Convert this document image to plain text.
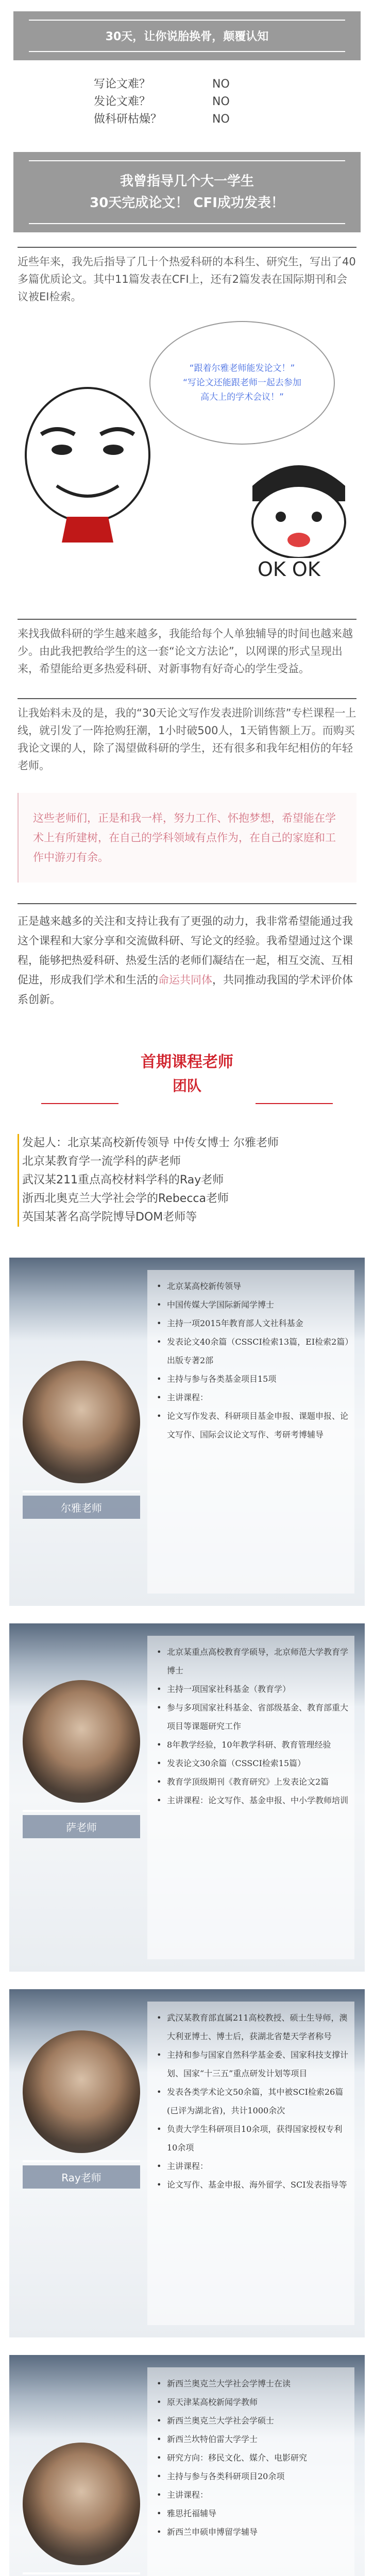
30天，让你说胎换骨，颠覆认知
写论文难？	NO
发论文难？	NO
做科研枯燥？	NO
我曾指导几个大一学生
30天完成论文！ CFI成功发表！

近些年来，我先后指导了几十个热爱科研的本科生、研究生，写出了40多篇优质论文。其中11篇发表在CFI上，还有2篇发表在国际期刊和会议被EI检索。

“跟着尔雅老师能发论文！”
“写论文还能跟老师一起去参加
高大上的学术会议！”
OK OK

来找我做科研的学生越来越多，我能给每个人单独辅导的时间也越来越少。由此我把教给学生的这一套“论文方法论”，以网课的形式呈现出来，希望能给更多热爱科研、对新事物有好奇心的学生受益。

让我始料未及的是，我的“30天论文写作发表进阶训练营”专栏课程一上线，就引发了一阵抢购狂潮，1小时破500人，1天销售额上万。而购买我论文课的人，除了渴望做科研的学生，还有很多和我年纪相仿的年轻老师。

这些老师们，正是和我一样，努力工作、怀抱梦想，希望能在学术上有所建树，在自己的学科领域有点作为，在自己的家庭和工作中游刃有余。
正是越来越多的关注和支持让我有了更强的动力，我非常希望能通过我这个课程和大家分享和交流做科研、写论文的经验。我希望通过这个课程，能够把热爱科研、热爱生活的老师们凝结在一起，相互交流、互相促进，形成我们学术和生活的命运共同体，共同推动我国的学术评价体系创新。
首期课程老师
团队
发起人：北京某高校新传领导 中传女博士 尔雅老师
北京某教育学一流学科的萨老师
武汉某211重点高校材料学科的Ray老师
浙西北奥克兰大学社会学的Rebecca老师
英国某著名高学院博导DOM老师等
尔雅老师
• 北京某高校新传领导
• 中国传媒大学国际新闻学博士
• 主持一项2015年教育部人文社科基金
• 发表论文40余篇（CSSCI检索13篇，EI检索2篇）出版专著2部
• 主持与参与各类基金项目15项
• 主讲课程：
• 论文写作发表、科研项目基金申报、课题申报、论文写作、国际会议论文写作、考研考博辅导
萨老师
• 北京某重点高校教育学硕导，北京师范大学教育学博士
• 主持一项国家社科基金（教育学）
• 参与多项国家社科基金、省部级基金、教育部重大项目等课题研究工作
• 8年教学经验，10年教学科研、教育管理经验
• 发表论文30余篇（CSSCI检索15篇）
• 教育学顶级期刊《教育研究》上发表论文2篇
• 主讲课程：论文写作、基金申报、中小学教师培训
Ray老师
• 武汉某教育部直属211高校教授、硕士生导师，澳大利亚博士、博士后，获湖北省楚天学者称号
• 主持和参与国家自然科学基金委、国家科技支撑计划、国家“十三五”重点研发计划等项目
• 发表各类学术论文50余篇，其中被SCI检索26篇(已评为湖北省)，共计1000余次
• 负责大学生科研项目10余项，获得国家授权专利10余项
• 主讲课程：
• 论文写作、基金申报、海外留学、SCI发表指导等
• 新西兰奥克兰大学社会学博士在读
• 原天津某高校新闻学教师
• 新西兰奥克兰大学社会学硕士
• 新西兰坎特伯雷大学学士
• 研究方向：移民文化、媒介、电影研究
• 主持与参与各类科研项目20余项
• 主讲课程：
• 雅思托福辅导
• 新西兰申硕申博留学辅导
